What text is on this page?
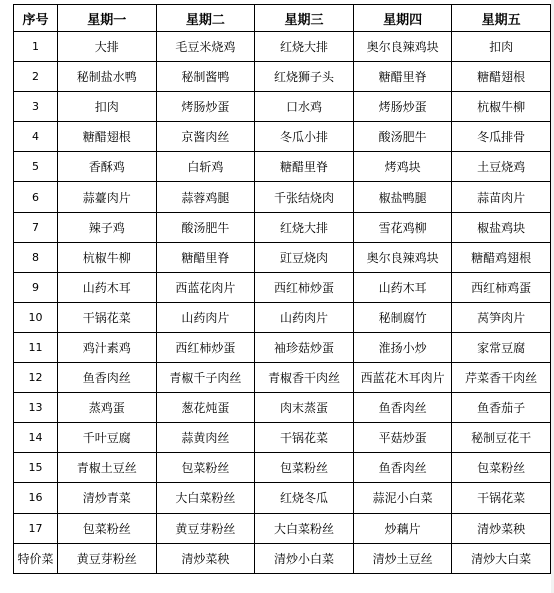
序号	星期一	星期二	星期三	星期四	星期五
1	大排	毛豆米烧鸡	红烧大排	奥尔良辣鸡块	扣肉
2	秘制盐水鸭	秘制酱鸭	红烧狮子头	糖醋里脊	糖醋翅根
3	扣肉	烤肠炒蛋	口水鸡	烤肠炒蛋	杭椒牛柳
4	糖醋翅根	京酱肉丝	冬瓜小排	酸汤肥牛	冬瓜排骨
5	香酥鸡	白斩鸡	糖醋里脊	烤鸡块	土豆烧鸡
6	蒜薹肉片	蒜蓉鸡腿	千张结烧肉	椒盐鸭腿	蒜苗肉片
7	辣子鸡	酸汤肥牛	红烧大排	雪花鸡柳	椒盐鸡块
8	杭椒牛柳	糖醋里脊	豇豆烧肉	奥尔良辣鸡块	糖醋鸡翅根
9	山药木耳	西蓝花肉片	西红柿炒蛋	山药木耳	西红柿鸡蛋
10	干锅花菜	山药肉片	山药肉片	秘制腐竹	莴笋肉片
11	鸡汁素鸡	西红柿炒蛋	袖珍菇炒蛋	淮扬小炒	家常豆腐
12	鱼香肉丝	青椒千子肉丝	青椒香干肉丝	西蓝花木耳肉片	芹菜香干肉丝
13	蒸鸡蛋	葱花炖蛋	肉末蒸蛋	鱼香肉丝	鱼香茄子
14	千叶豆腐	蒜黄肉丝	干锅花菜	平菇炒蛋	秘制豆花干
15	青椒土豆丝	包菜粉丝	包菜粉丝	鱼香肉丝	包菜粉丝
16	清炒青菜	大白菜粉丝	红烧冬瓜	蒜泥小白菜	干锅花菜
17	包菜粉丝	黄豆芽粉丝	大白菜粉丝	炒藕片	清炒菜秧
特价菜	黄豆芽粉丝	清炒菜秧	清炒小白菜	清炒土豆丝	清炒大白菜
